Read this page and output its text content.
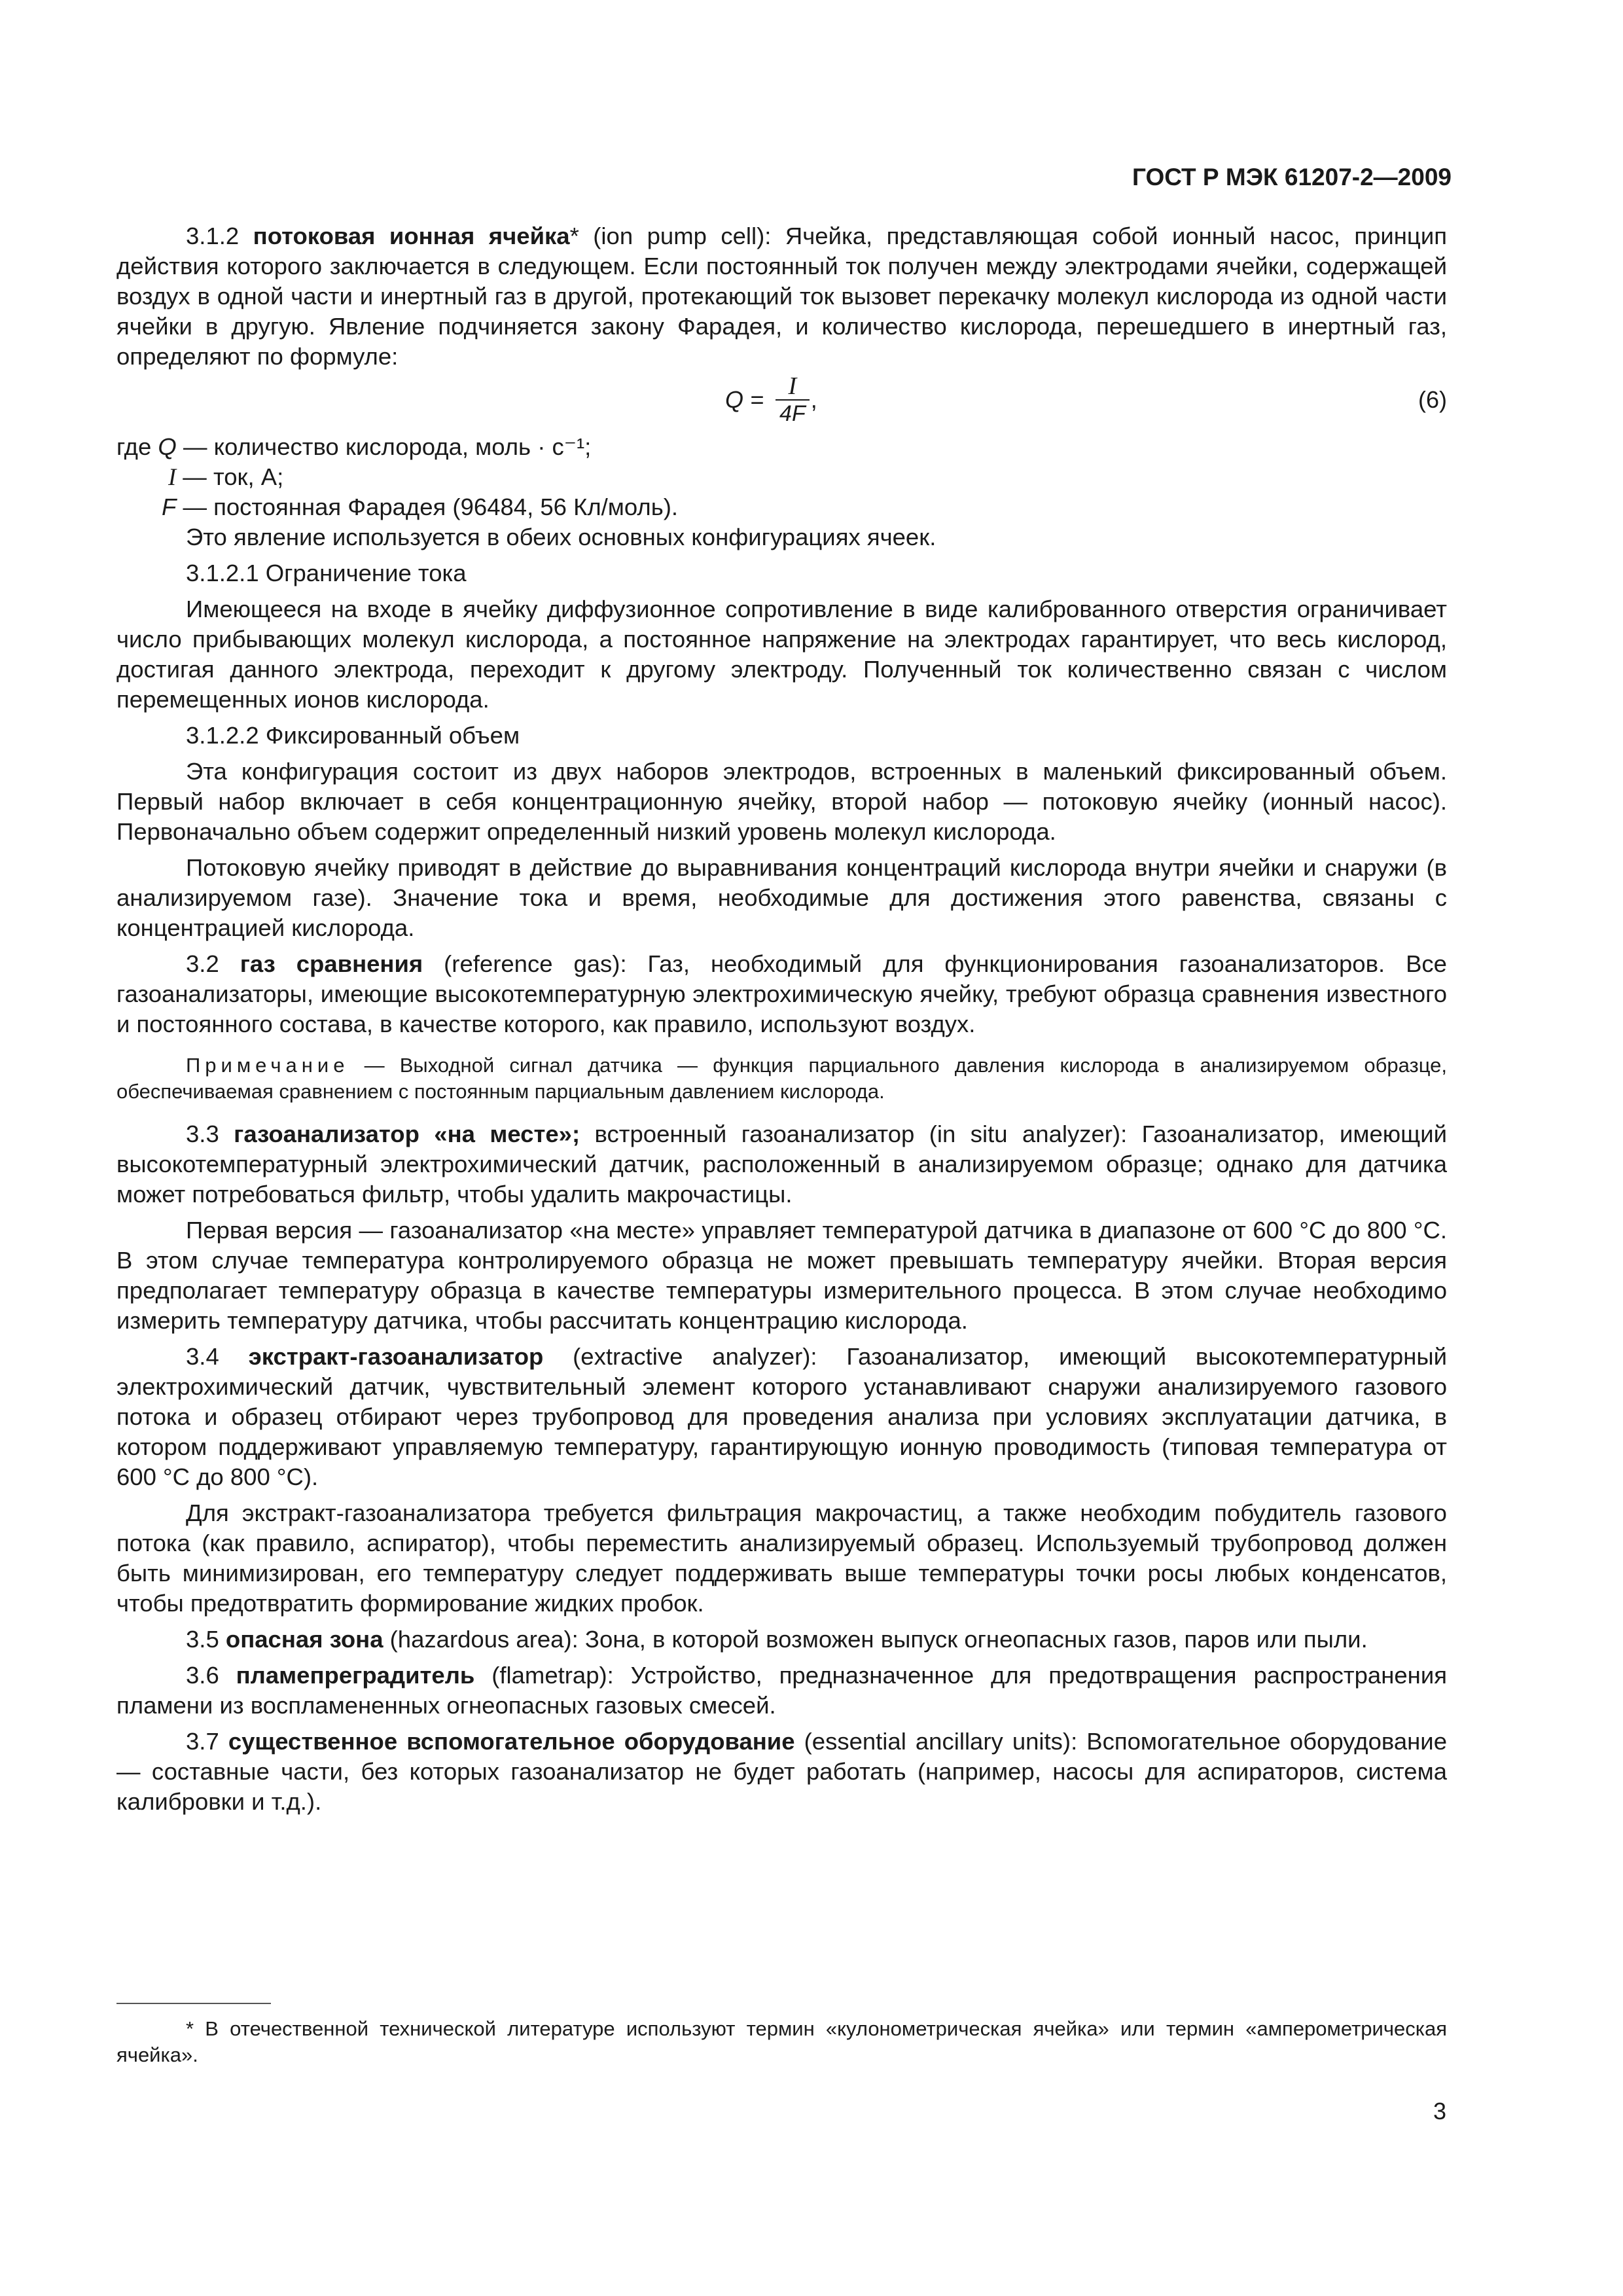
ГОСТ Р МЭК 61207-2—2009

3.1.2 потоковая ионная ячейка* (ion pump cell): Ячейка, представляющая собой ионный насос, принцип действия которого заключается в следующем. Если постоянный ток получен между электродами ячейки, содержащей воздух в одной части и инертный газ в другой, протекающий ток вызовет перекачку молекул кислорода из одной части ячейки в другую. Явление подчиняется закону Фарадея, и количество кислорода, перешедшего в инертный газ, определяют по формуле:

$Q = \frac{I}{4F}$ ,	(6)

где Q — количество кислорода, моль · с⁻¹;

I — ток, А;

F — постоянная Фарадея (96484, 56 Кл/моль).

Это явление используется в обеих основных конфигурациях ячеек.

3.1.2.1 Ограничение тока

Имеющееся на входе в ячейку диффузионное сопротивление в виде калиброванного отверстия ограничивает число прибывающих молекул кислорода, а постоянное напряжение на электродах гарантирует, что весь кислород, достигая данного электрода, переходит к другому электроду. Полученный ток количественно связан с числом перемещенных ионов кислорода.

3.1.2.2 Фиксированный объем

Эта конфигурация состоит из двух наборов электродов, встроенных в маленький фиксированный объем. Первый набор включает в себя концентрационную ячейку, второй набор — потоковую ячейку (ионный насос). Первоначально объем содержит определенный низкий уровень молекул кислорода.

Потоковую ячейку приводят в действие до выравнивания концентраций кислорода внутри ячейки и снаружи (в анализируемом газе). Значение тока и время, необходимые для достижения этого равенства, связаны с концентрацией кислорода.

3.2 газ сравнения (reference gas): Газ, необходимый для функционирования газоанализаторов. Все газоанализаторы, имеющие высокотемпературную электрохимическую ячейку, требуют образца сравнения известного и постоянного состава, в качестве которого, как правило, используют воздух.

Примечание — Выходной сигнал датчика — функция парциального давления кислорода в анализируемом образце, обеспечиваемая сравнением с постоянным парциальным давлением кислорода.

3.3 газоанализатор «на месте»; встроенный газоанализатор (in situ analyzer): Газоанализатор, имеющий высокотемпературный электрохимический датчик, расположенный в анализируемом образце; однако для датчика может потребоваться фильтр, чтобы удалить макрочастицы.

Первая версия — газоанализатор «на месте» управляет температурой датчика в диапазоне от 600 °С до 800 °С. В этом случае температура контролируемого образца не может превышать температуру ячейки. Вторая версия предполагает температуру образца в качестве температуры измерительного процесса. В этом случае необходимо измерить температуру датчика, чтобы рассчитать концентрацию кислорода.

3.4 экстракт-газоанализатор (extractive analyzer): Газоанализатор, имеющий высокотемпературный электрохимический датчик, чувствительный элемент которого устанавливают снаружи анализируемого газового потока и образец отбирают через трубопровод для проведения анализа при условиях эксплуатации датчика, в котором поддерживают управляемую температуру, гарантирующую ионную проводимость (типовая температура от 600 °С до 800 °С).

Для экстракт-газоанализатора требуется фильтрация макрочастиц, а также необходим побудитель газового потока (как правило, аспиратор), чтобы переместить анализируемый образец. Используемый трубопровод должен быть минимизирован, его температуру следует поддерживать выше температуры точки росы любых конденсатов, чтобы предотвратить формирование жидких пробок.

3.5 опасная зона (hazardous area): Зона, в которой возможен выпуск огнеопасных газов, паров или пыли.

3.6 пламепреградитель (flametrap): Устройство, предназначенное для предотвращения распространения пламени из воспламененных огнеопасных газовых смесей.

3.7 существенное вспомогательное оборудование (essential ancillary units): Вспомогательное оборудование — составные части, без которых газоанализатор не будет работать (например, насосы для аспираторов, система калибровки и т.д.).

* В отечественной технической литературе используют термин «кулонометрическая ячейка» или термин «амперометрическая ячейка».
3
